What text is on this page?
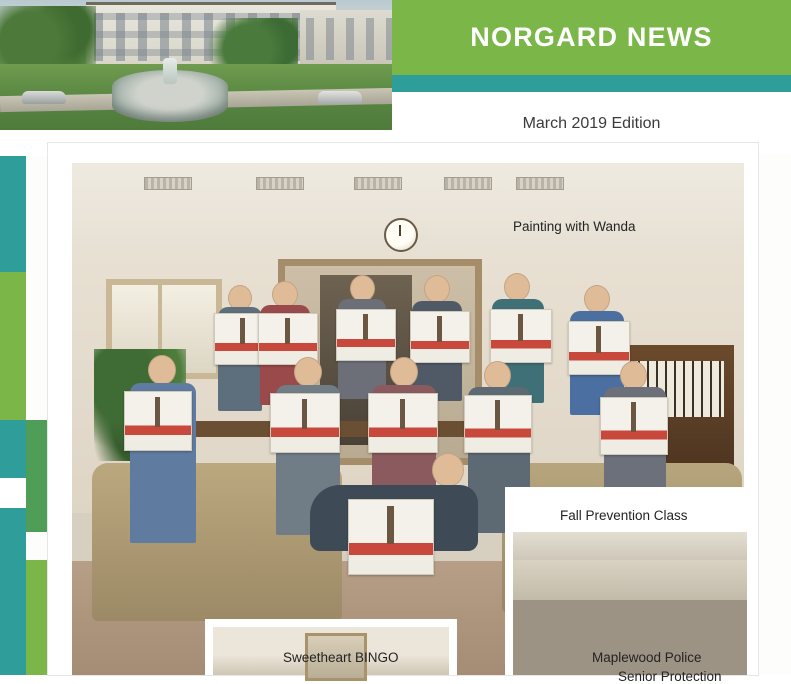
NORGARD NEWS
March 2019 Edition
Painting with Wanda
Fall Prevention Class
Sweetheart BINGO	Maplewood Police
Senior Protection
